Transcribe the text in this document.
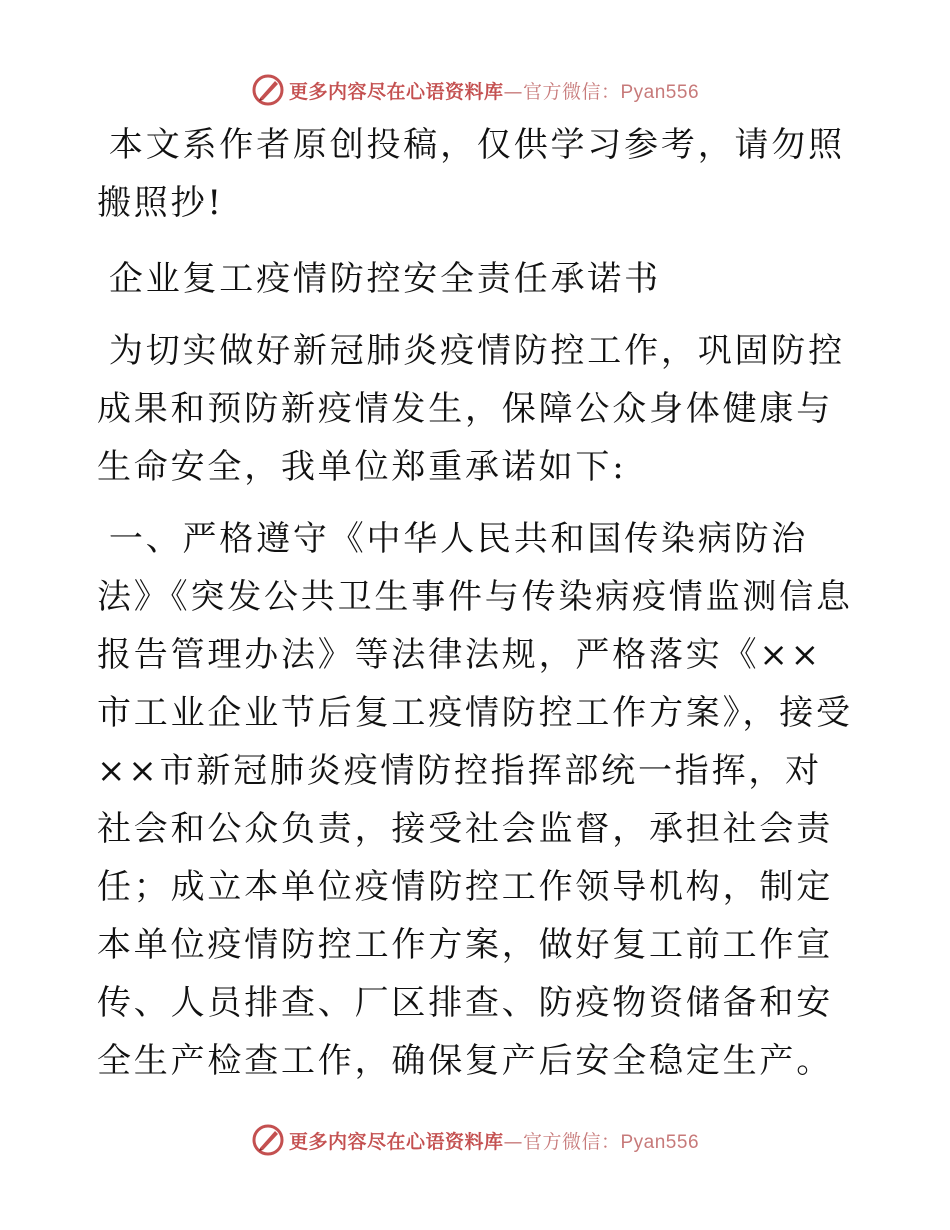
更多内容尽在心语资料库—官方微信：Pyan556

本文系作者原创投稿，仅供学习参考，请勿照搬照抄!

企业复工疫情防控安全责任承诺书

为切实做好新冠肺炎疫情防控工作，巩固防控成果和预防新疫情发生，保障公众身体健康与生命安全，我单位郑重承诺如下:

一、严格遵守《中华人民共和国传染病防治法》《突发公共卫生事件与传染病疫情监测信息报告管理办法》等法律法规，严格落实《××市工业企业节后复工疫情防控工作方案》，接受××市新冠肺炎疫情防控指挥部统一指挥，对社会和公众负责，接受社会监督，承担社会责任；成立本单位疫情防控工作领导机构，制定本单位疫情防控工作方案，做好复工前工作宣传、人员排查、厂区排查、防疫物资储备和安全生产检查工作，确保复产后安全稳定生产。

更多内容尽在心语资料库—官方微信：Pyan556
